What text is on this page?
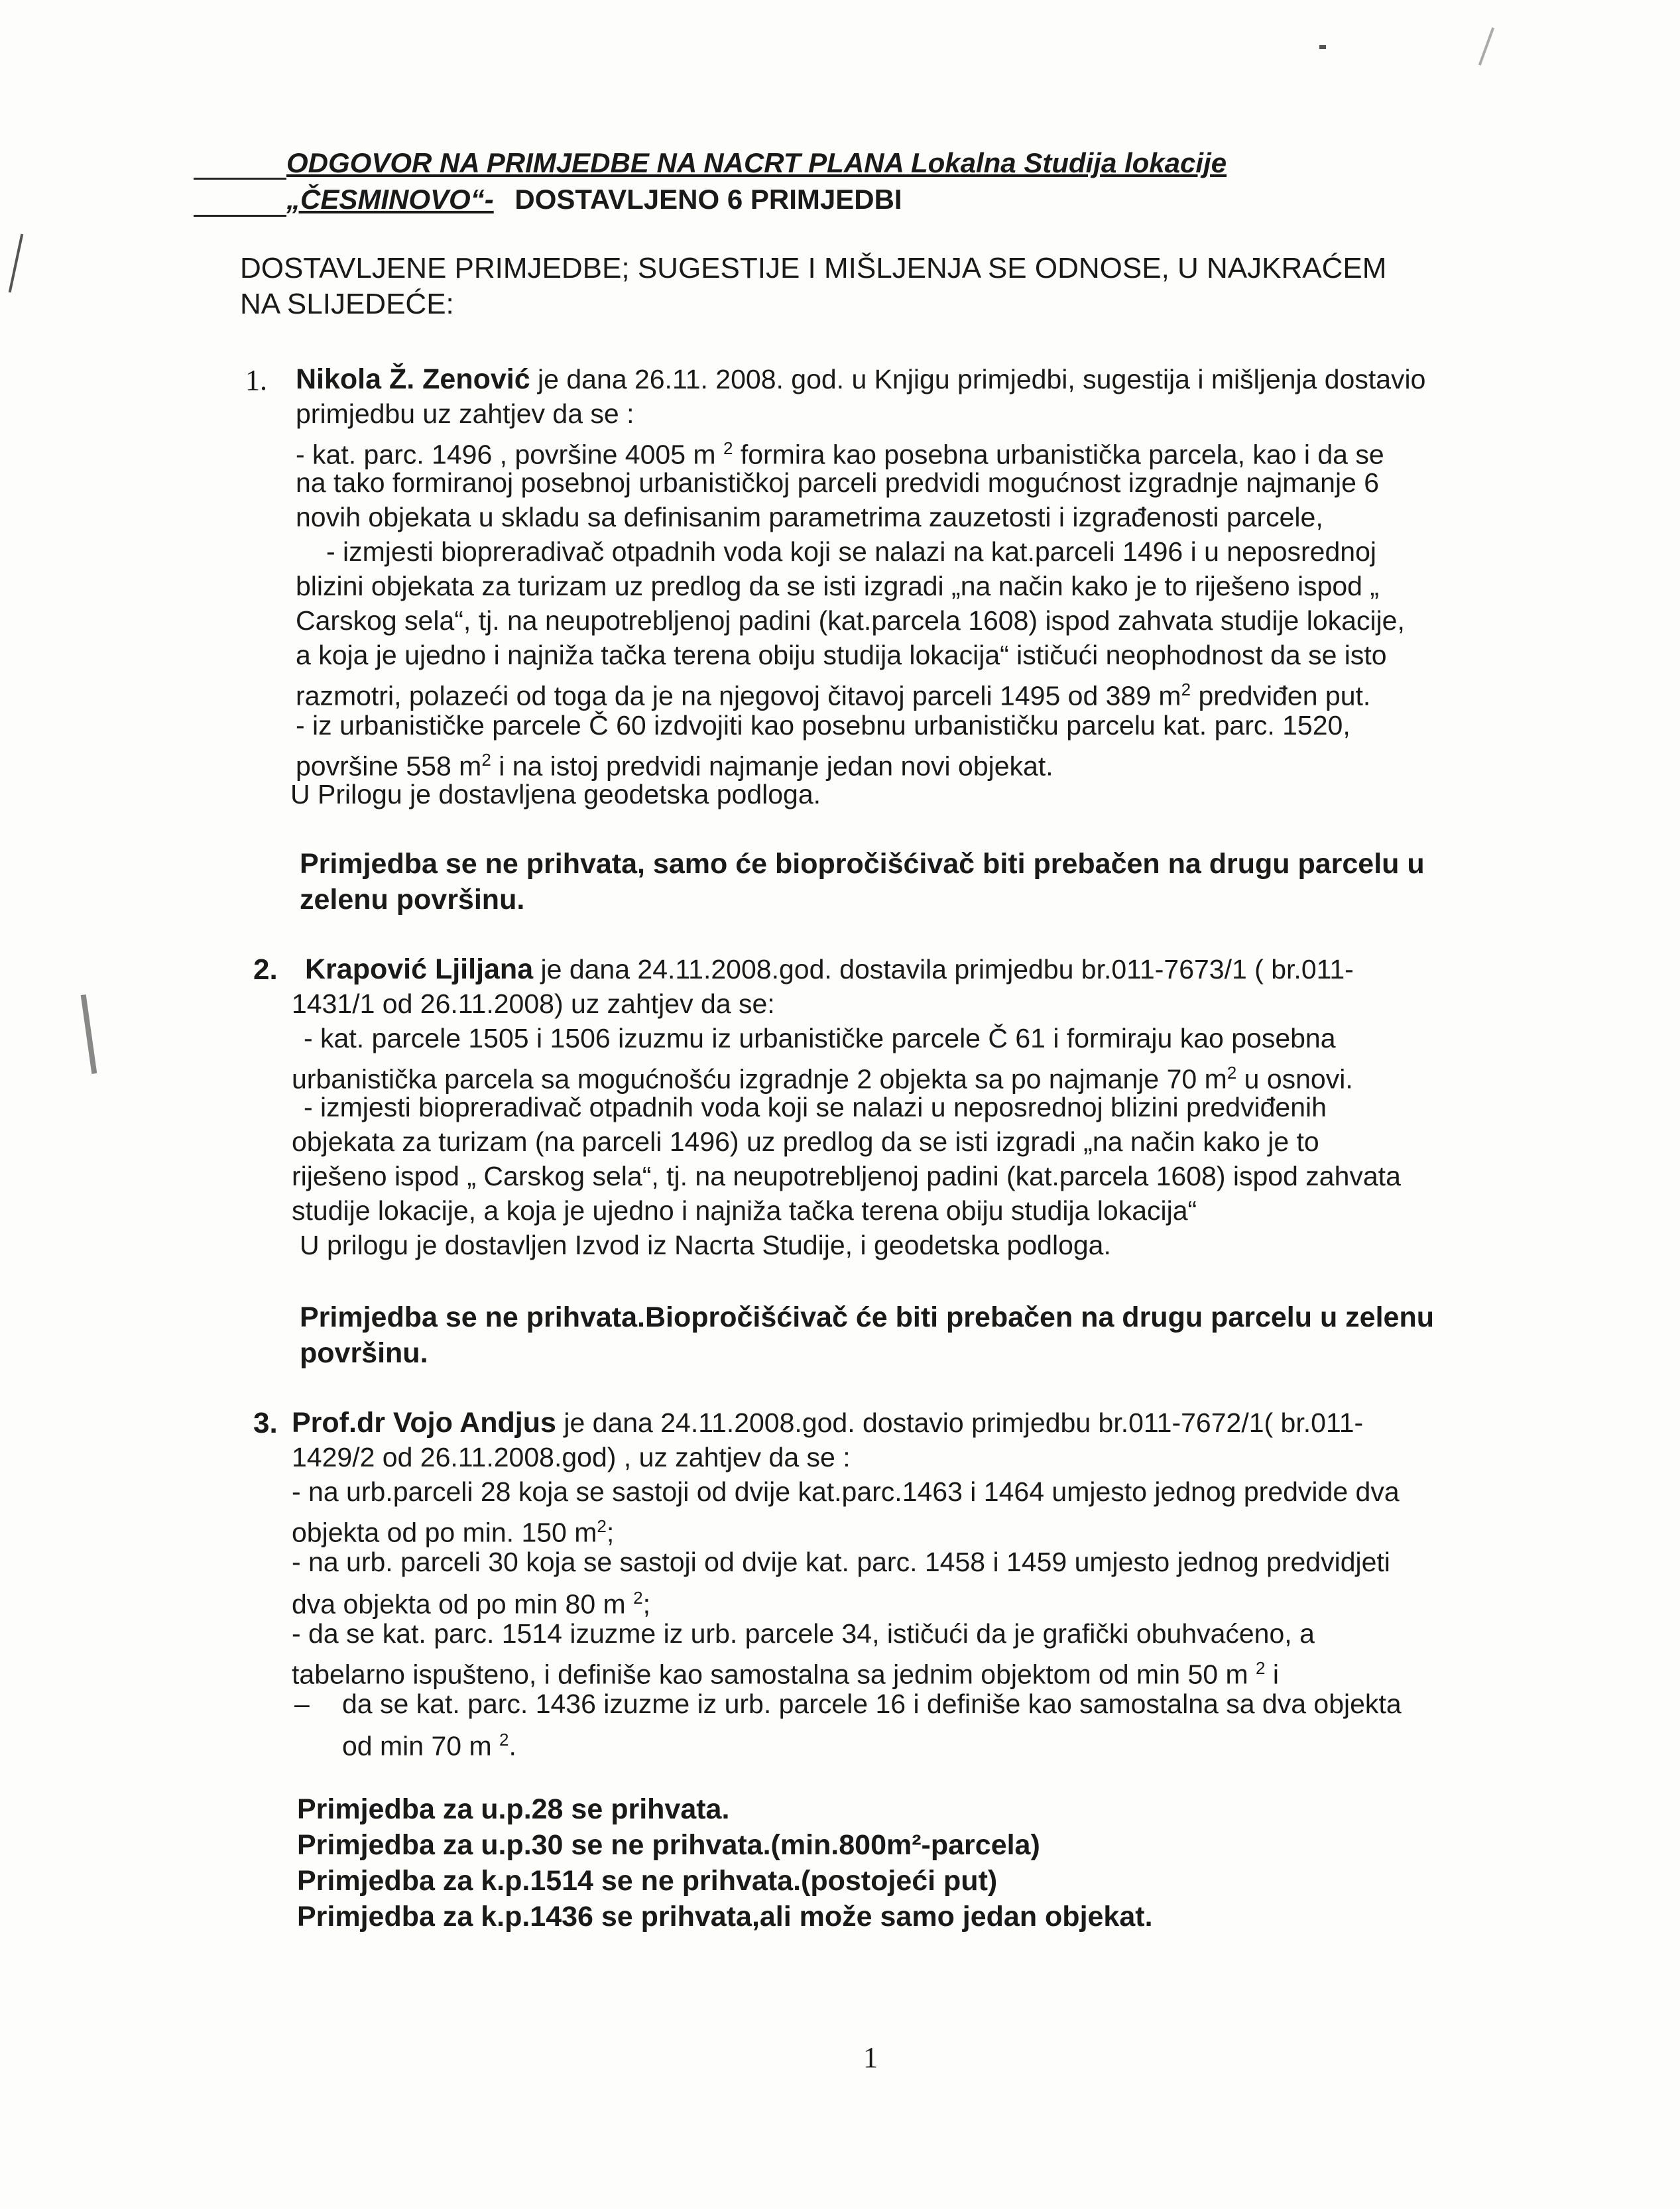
ODGOVOR NA PRIMJEDBE NA NACRT PLANA Lokalna Studija lokacije
„ČESMINOVO“- DOSTAVLJENO 6 PRIMJEDBI
DOSTAVLJENE PRIMJEDBE; SUGESTIJE I MIŠLJENJA SE ODNOSE, U NAJKRAĆEM
NA SLIJEDEĆE:
1. Nikola Ž. Zenović je dana 26.11. 2008. god. u Knjigu primjedbi, sugestija i mišljenja dostavio
primjedbu uz zahtjev da se :
- kat. parc. 1496 , površine 4005 m $^2$ formira kao posebna urbanistička parcela, kao i da se
na tako formiranoj posebnoj urbanističkoj parceli predvidi mogućnost izgradnje najmanje 6
novih objekata u skladu sa definisanim parametrima zauzetosti i izgrađenosti parcele,
- izmjesti biopreradivač otpadnih voda koji se nalazi na kat.parceli 1496 i u neposrednoj
blizini objekata za turizam uz predlog da se isti izgradi „na način kako je to riješeno ispod „
Carskog sela“, tj. na neupotrebljenoj padini (kat.parcela 1608) ispod zahvata studije lokacije,
a koja je ujedno i najniža tačka terena obiju studija lokacija“ ističući neophodnost da se isto
razmotri, polazeći od toga da je na njegovoj čitavoj parceli 1495 od 389 $m^2$ predviđen put.
- iz urbanističke parcele Č 60 izdvojiti kao posebnu urbanističku parcelu kat. parc. 1520,
površine 558 $m^2$ i na istoj predvidi najmanje jedan novi objekat.
U Prilogu je dostavljena geodetska podloga.
Primjedba se ne prihvata, samo će biopročišćivač biti prebačen na drugu parcelu u
zelenu površinu.
2. Krapović Ljiljana je dana 24.11.2008.god. dostavila primjedbu br.011-7673/1 ( br.011-
1431/1 od 26.11.2008) uz zahtjev da se:
- kat. parcele 1505 i 1506 izuzmu iz urbanističke parcele Č 61 i formiraju kao posebna
urbanistička parcela sa mogućnošću izgradnje 2 objekta sa po najmanje 70 $m^2$ u osnovi.
- izmjesti biopreradivač otpadnih voda koji se nalazi u neposrednoj blizini predviđenih
objekata za turizam (na parceli 1496) uz predlog da se isti izgradi „na način kako je to
riješeno ispod „ Carskog sela“, tj. na neupotrebljenoj padini (kat.parcela 1608) ispod zahvata
studije lokacije, a koja je ujedno i najniža tačka terena obiju studija lokacija“
U prilogu je dostavljen Izvod iz Nacrta Studije, i geodetska podloga.
Primjedba se ne prihvata.Biopročišćivač će biti prebačen na drugu parcelu u zelenu
površinu.
3. Prof.dr Vojo Andjus je dana 24.11.2008.god. dostavio primjedbu br.011-7672/1( br.011-
1429/2 od 26.11.2008.god) , uz zahtjev da se :
- na urb.parceli 28 koja se sastoji od dvije kat.parc.1463 i 1464 umjesto jednog predvide dva
objekta od po min. 150 $m^2$;
- na urb. parceli 30 koja se sastoji od dvije kat. parc. 1458 i 1459 umjesto jednog predvidjeti
dva objekta od po min 80 m $^2$;
- da se kat. parc. 1514 izuzme iz urb. parcele 34, ističući da je grafički obuhvaćeno, a
tabelarno ispušteno, i definiše kao samostalna sa jednim objektom od min 50 m $^2$ i
– da se kat. parc. 1436 izuzme iz urb. parcele 16 i definiše kao samostalna sa dva objekta
od min 70 m $^2$.
Primjedba za u.p.28 se prihvata.
Primjedba za u.p.30 se ne prihvata.(min.800m²-parcela)
Primjedba za k.p.1514 se ne prihvata.(postojeći put)
Primjedba za k.p.1436 se prihvata,ali može samo jedan objekat.
1
